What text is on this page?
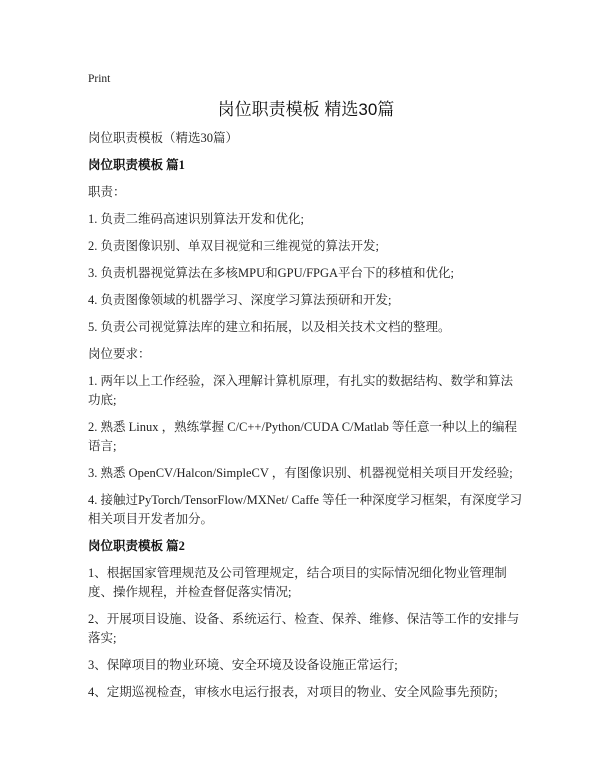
Print
岗位职责模板 精选30篇

岗位职责模板（精选30篇）

岗位职责模板 篇1

职责：

1. 负责二维码高速识别算法开发和优化;

2. 负责图像识别、单双目视觉和三维视觉的算法开发;

3. 负责机器视觉算法在多核MPU和GPU/FPGA平台下的移植和优化;

4. 负责图像领域的机器学习、深度学习算法预研和开发;

5. 负责公司视觉算法库的建立和拓展，以及相关技术文档的整理。

岗位要求：

1. 两年以上工作经验，深入理解计算机原理，有扎实的数据结构、数学和算法功底;

2. 熟悉 Linux ，熟练掌握 C/C++/Python/CUDA C/Matlab 等任意一种以上的编程语言;

3. 熟悉 OpenCV/Halcon/SimpleCV ，有图像识别、机器视觉相关项目开发经验;

4. 接触过PyTorch/TensorFlow/MXNet/ Caffe 等任一种深度学习框架，有深度学习相关项目开发者加分。

岗位职责模板 篇2

1、根据国家管理规范及公司管理规定，结合项目的实际情况细化物业管理制度、操作规程，并检查督促落实情况;

2、开展项目设施、设备、系统运行、检查、保养、维修、保洁等工作的安排与落实;

3、保障项目的物业环境、安全环境及设备设施正常运行;

4、定期巡视检查，审核水电运行报表，对项目的物业、安全风险事先预防;
